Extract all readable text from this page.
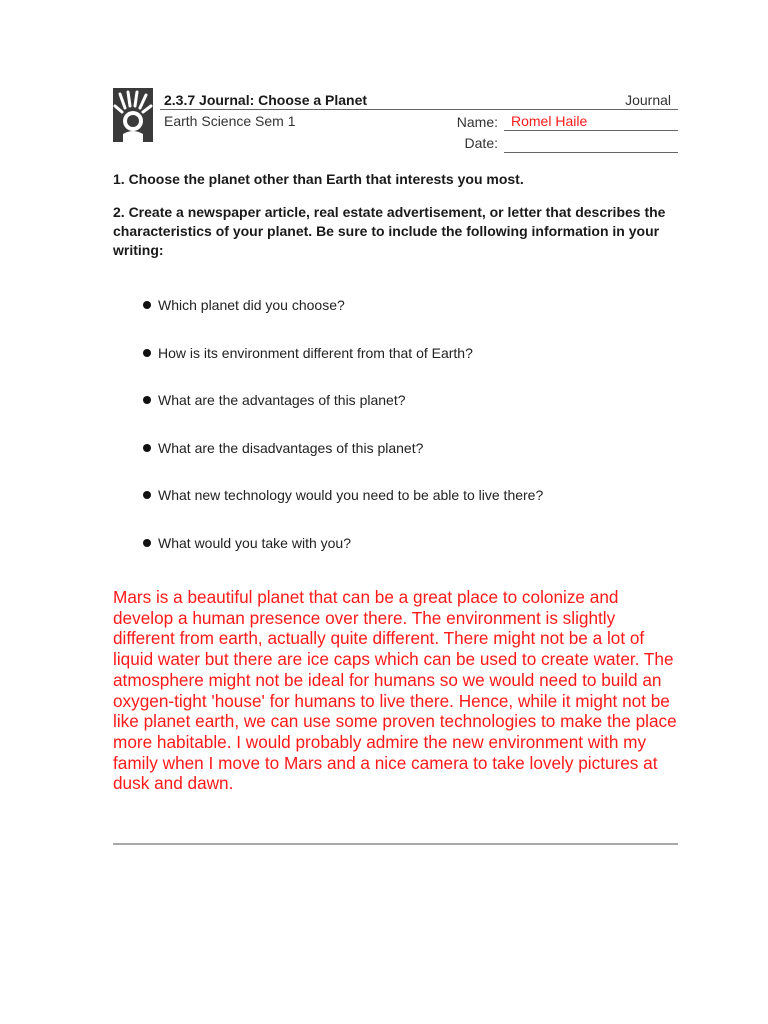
2.3.7 Journal: Choose a Planet	Journal
Earth Science Sem 1	Name: Romel Haile
Date:
1. Choose the planet other than Earth that interests you most.
2. Create a newspaper article, real estate advertisement, or letter that describes the characteristics of your planet. Be sure to include the following information in your writing:
Which planet did you choose?
How is its environment different from that of Earth?
What are the advantages of this planet?
What are the disadvantages of this planet?
What new technology would you need to be able to live there?
What would you take with you?
Mars is a beautiful planet that can be a great place to colonize and develop a human presence over there. The environment is slightly different from earth, actually quite different. There might not be a lot of liquid water but there are ice caps which can be used to create water. The atmosphere might not be ideal for humans so we would need to build an oxygen-tight 'house' for humans to live there. Hence, while it might not be like planet earth, we can use some proven technologies to make the place more habitable. I would probably admire the new environment with my family when I move to Mars and a nice camera to take lovely pictures at dusk and dawn.
